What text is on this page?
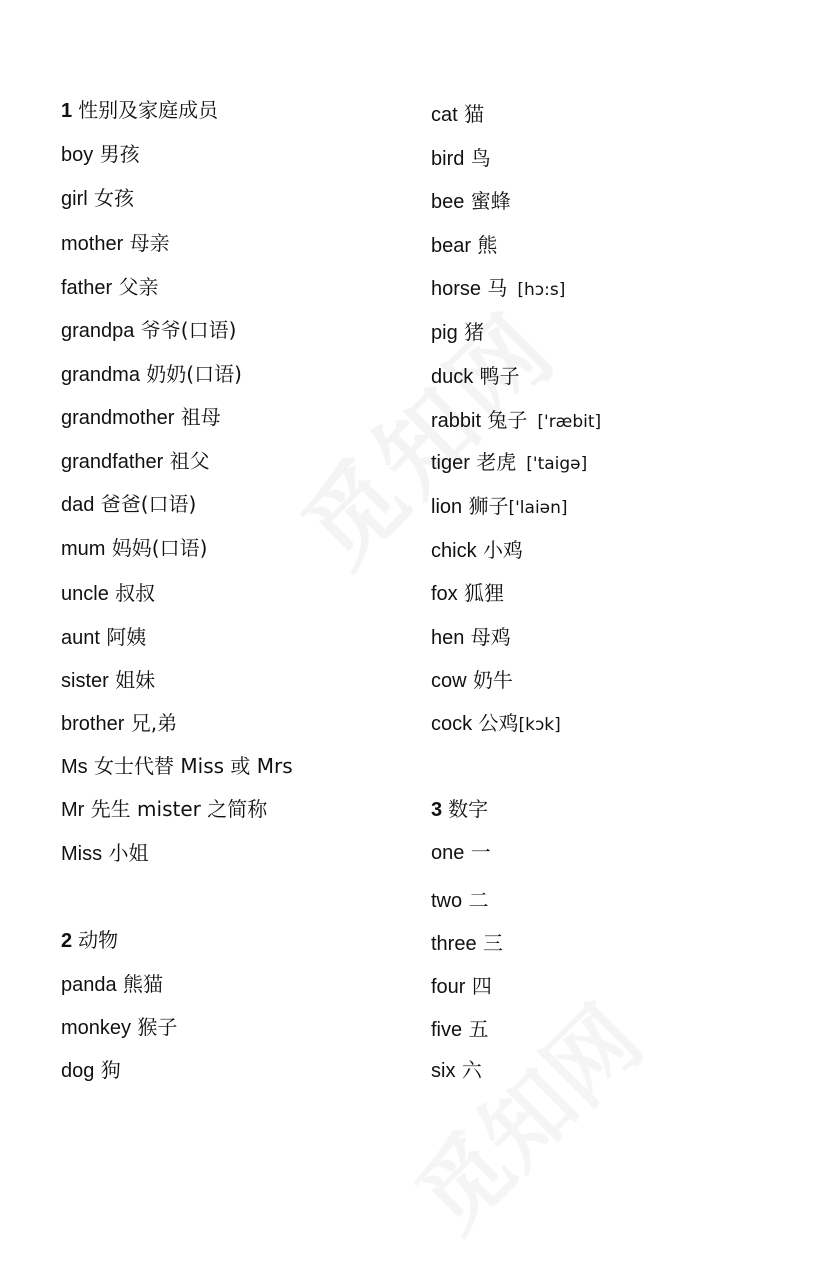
1 性别及家庭成员
boy 男孩
girl 女孩
mother 母亲
father 父亲
grandpa 爷爷(口语)
grandma 奶奶(口语)
grandmother 祖母
grandfather 祖父
dad 爸爸(口语)
mum 妈妈(口语)
uncle 叔叔
aunt 阿姨
sister 姐妹
brother 兄,弟
Ms 女士代替 Miss 或 Mrs
Mr 先生 mister 之简称
Miss 小姐
2 动物
panda 熊猫
monkey 猴子
dog 狗
cat 猫
bird 鸟
bee 蜜蜂
bear 熊
horse 马 [hɔ:s]
pig 猪
duck 鸭子
rabbit 兔子 ['ræbit]
tiger 老虎 ['taigə]
lion 狮子['laiən]
chick 小鸡
fox 狐狸
hen 母鸡
cow 奶牛
cock 公鸡[kɔk]
3 数字
one 一
two 二
three 三
four 四
five 五
six 六
